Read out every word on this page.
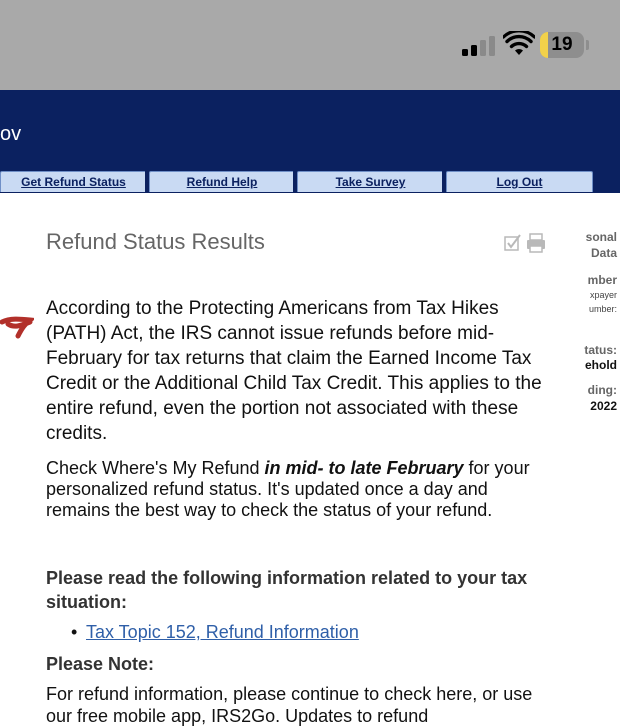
19
ov
Get Refund Status	Refund Help	Take Survey	Log Out
sonal
Data
mber
xpayer
umber:
tatus:
ehold
ding:
2022
Refund Status Results

According to the Protecting Americans from Tax Hikes (PATH) Act, the IRS cannot issue refunds before mid-February for tax returns that claim the Earned Income Tax Credit or the Additional Child Tax Credit. This applies to the entire refund, even the portion not associated with these credits.

Check Where's My Refund in mid- to late February for your personalized refund status. It's updated once a day and remains the best way to check the status of your refund.

Please read the following information related to your tax situation:

• Tax Topic 152, Refund Information
Please Note:

For refund information, please continue to check here, or use our free mobile app, IRS2Go. Updates to refund
